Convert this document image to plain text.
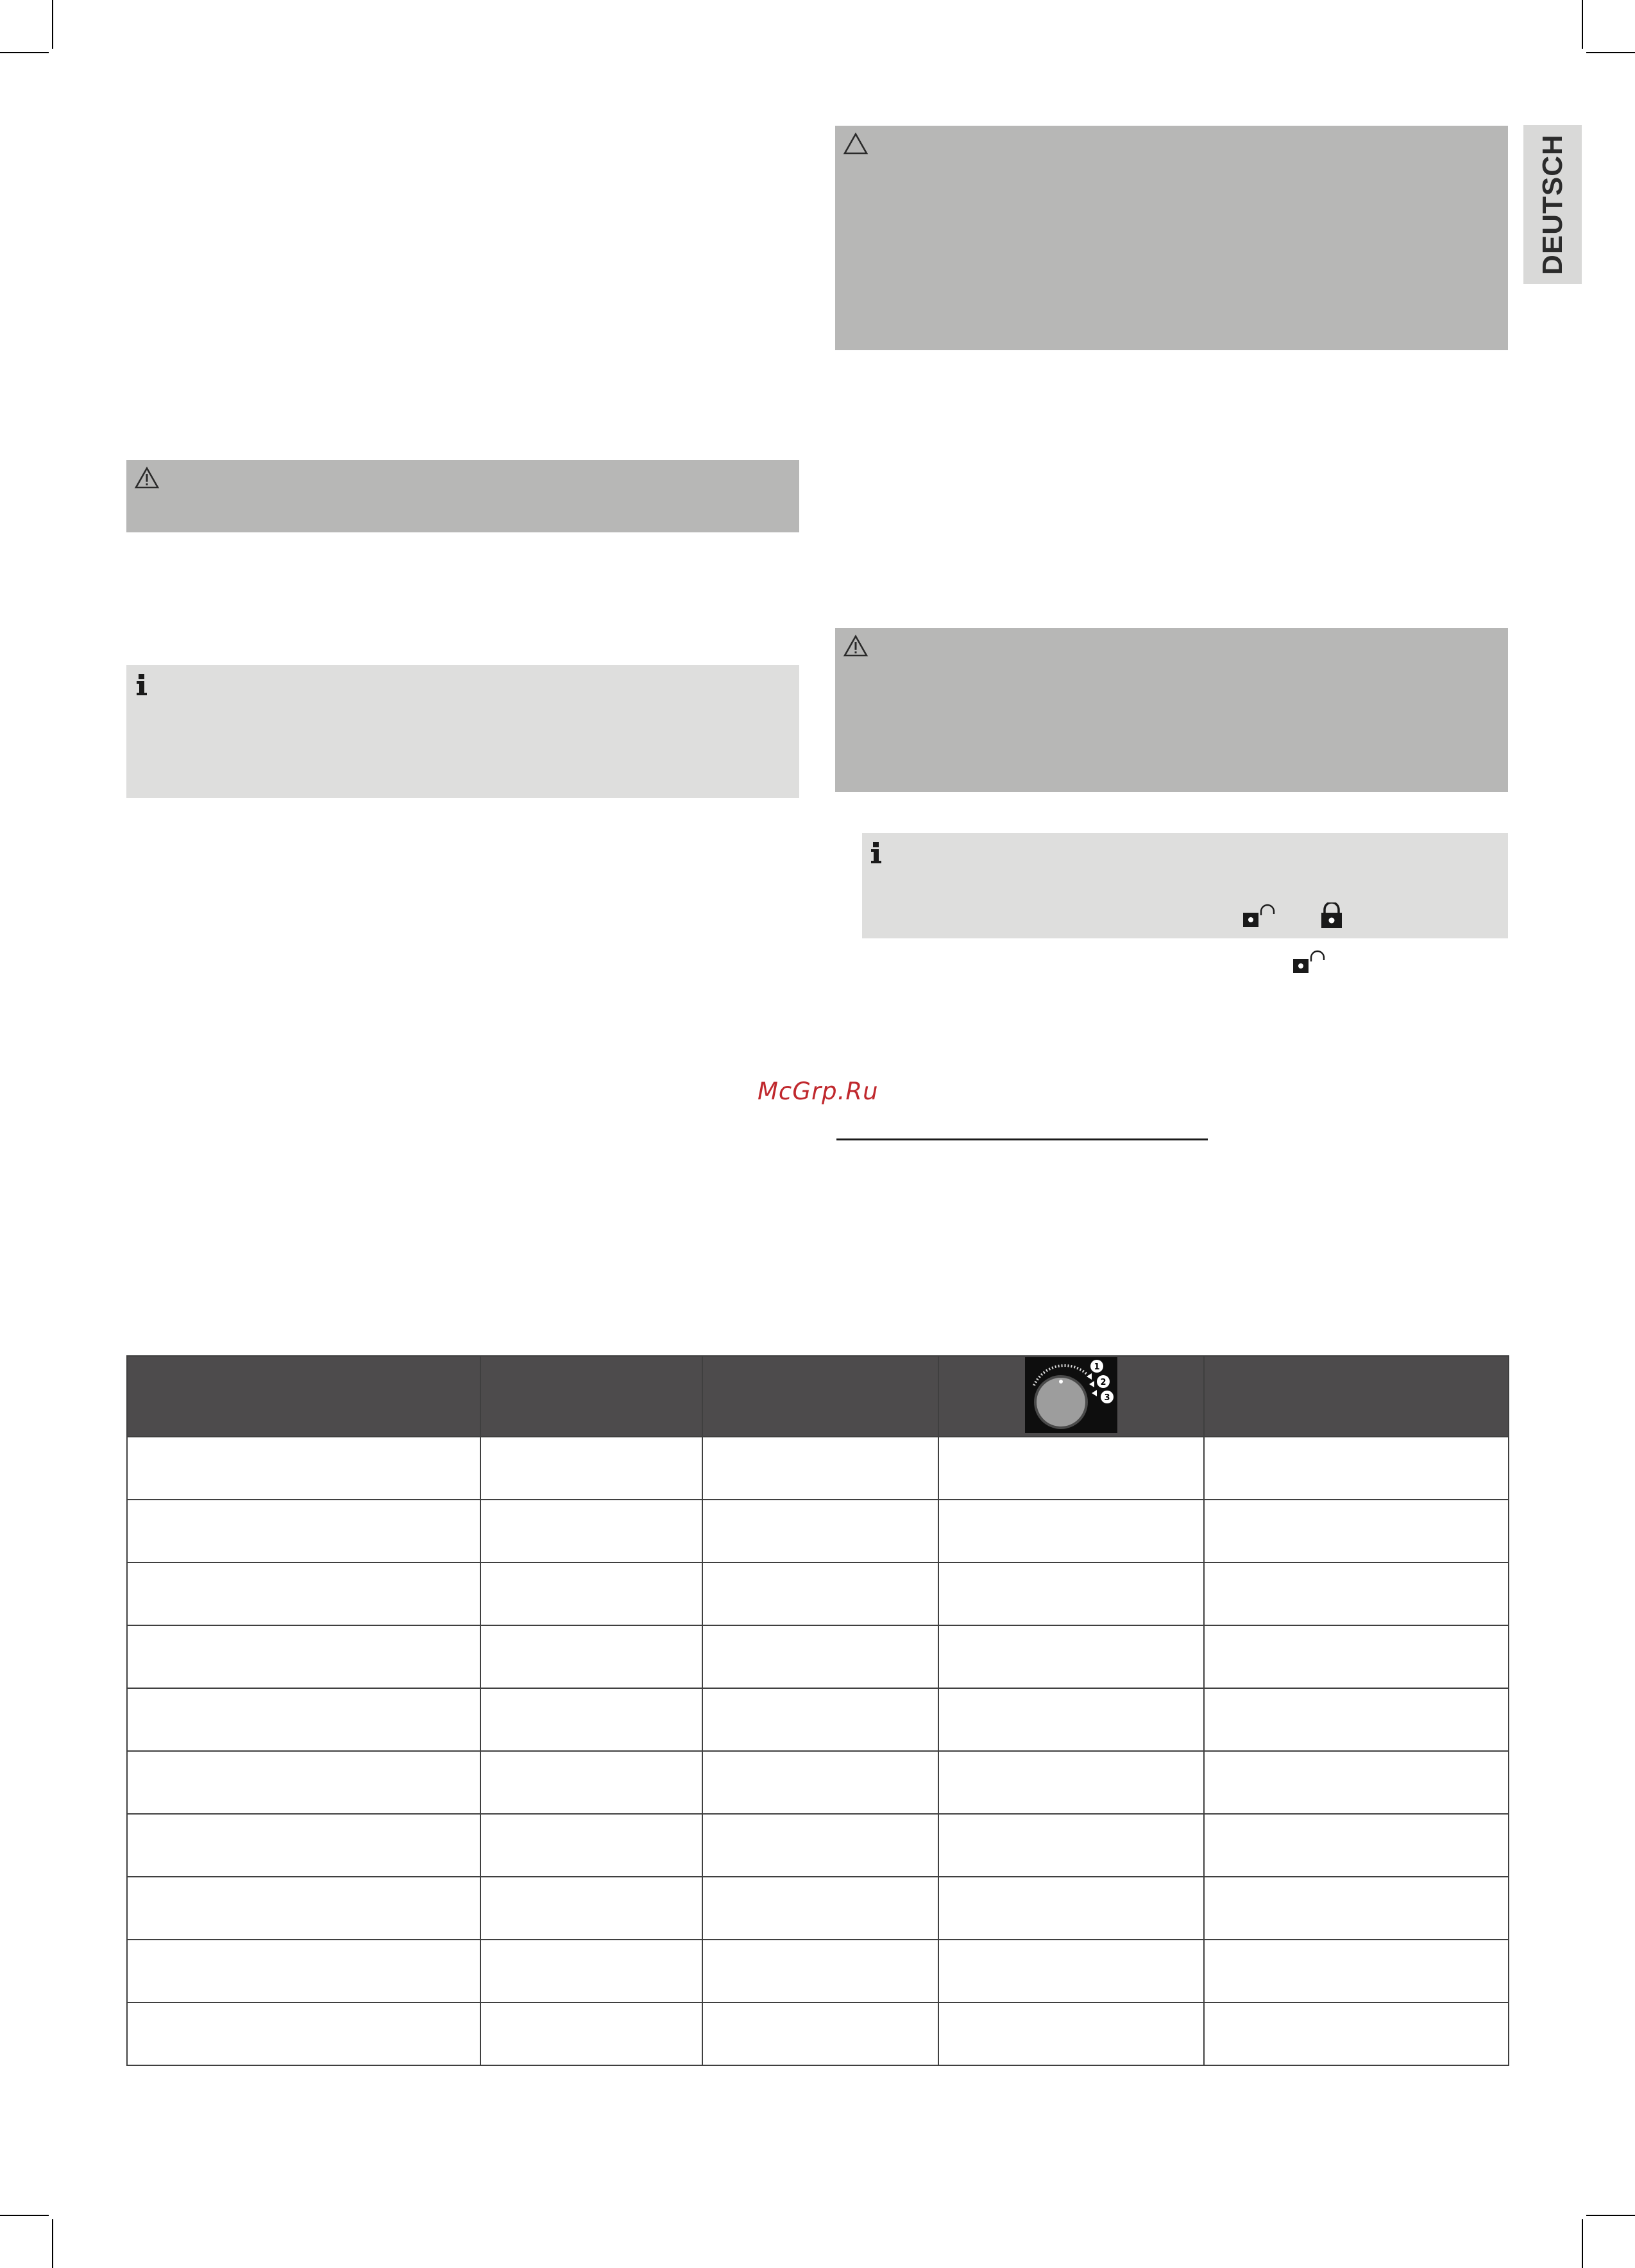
DEUTSCH
McGrp.Ru

1
2
3	
